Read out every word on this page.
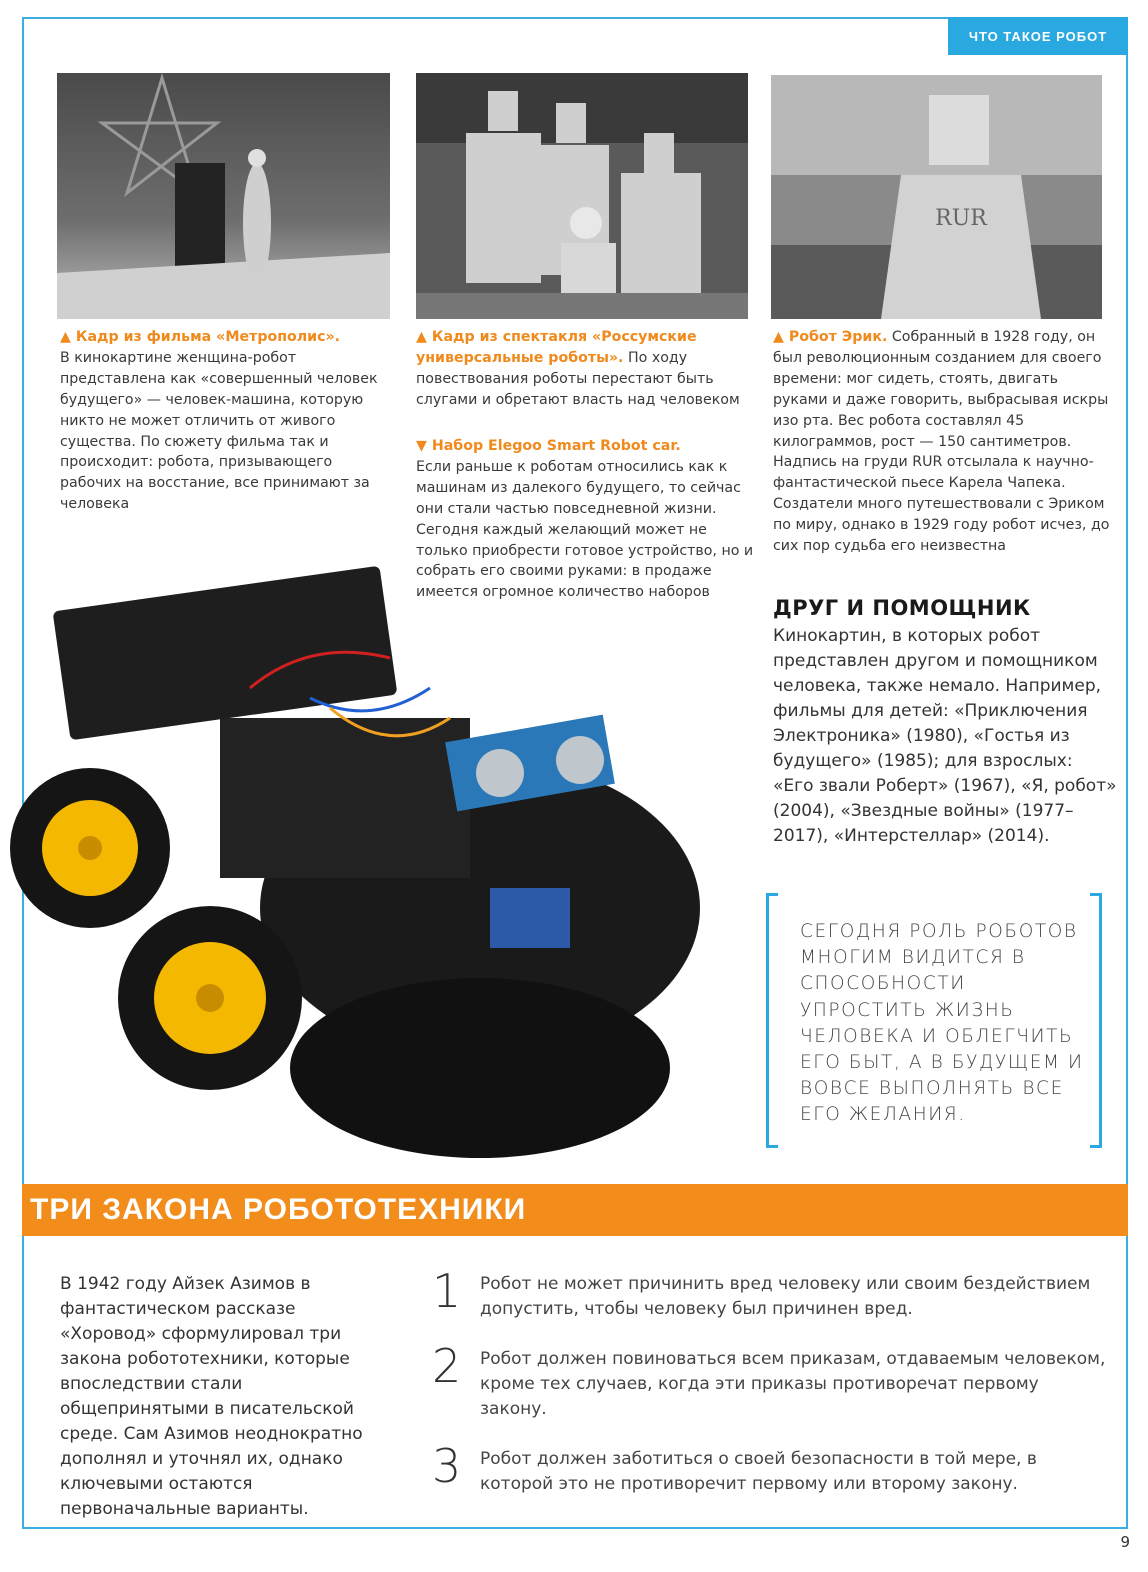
ЧТО ТАКОЕ РОБОТ
RUR
▲ Кадр из фильма «Метрополис».
В кинокартине женщина-робот представлена как «совершенный человек будущего» — человек-машина, которую никто не может отличить от живого существа. По сюжету фильма так и происходит: робота, призывающего рабочих на восстание, все принимают за человека
▲ Кадр из спектакля «Россумские универсальные роботы». По ходу повествования роботы перестают быть слугами и обретают власть над человеком
▼ Набор Elegoo Smart Robot car.
Если раньше к роботам относились как к машинам из далекого будущего, то сейчас они стали частью повседневной жизни. Сегодня каждый желающий может не только приобрести готовое устройство, но и собрать его своими руками: в продаже имеется огромное количество наборов
▲ Робот Эрик. Собранный в 1928 году, он был революционным созданием для своего времени: мог сидеть, стоять, двигать руками и даже говорить, выбрасывая искры изо рта. Вес робота составлял 45 килограммов, рост — 150 сантиметров. Надпись на груди RUR отсылала к научно-фантастической пьесе Карела Чапека. Создатели много путешествовали с Эриком по миру, однако в 1929 году робот исчез, до сих пор судьба его неизвестна
ДРУГ И ПОМОЩНИК
Кинокартин, в которых робот представлен другом и помощником человека, также немало. Например, фильмы для детей: «Приключения Электроника» (1980), «Гостья из будущего» (1985); для взрослых: «Его звали Роберт» (1967), «Я, робот» (2004), «Звездные войны» (1977–2017), «Интерстеллар» (2014).
СЕГОДНЯ РОЛЬ РОБОТОВ МНОГИМ ВИДИТСЯ В СПОСОБНОСТИ УПРОСТИТЬ ЖИЗНЬ ЧЕЛОВЕКА И ОБЛЕГЧИТЬ ЕГО БЫТ, А В БУДУЩЕМ И ВОВСЕ ВЫПОЛНЯТЬ ВСЕ ЕГО ЖЕЛАНИЯ.
ТРИ ЗАКОНА РОБОТОТЕХНИКИ
В 1942 году Айзек Азимов в фантастическом рассказе «Хоровод» сформулировал три закона робототехники, которые впоследствии стали общепринятыми в писательской среде. Сам Азимов неоднократно дополнял и уточнял их, однако ключевыми остаются первоначальные варианты.
1 Робот не может причинить вред человеку или своим бездействием допустить, чтобы человеку был причинен вред.
2 Робот должен повиноваться всем приказам, отдаваемым человеком, кроме тех случаев, когда эти приказы противоречат первому закону.
3 Робот должен заботиться о своей безопасности в той мере, в которой это не противоречит первому или второму закону.
9
